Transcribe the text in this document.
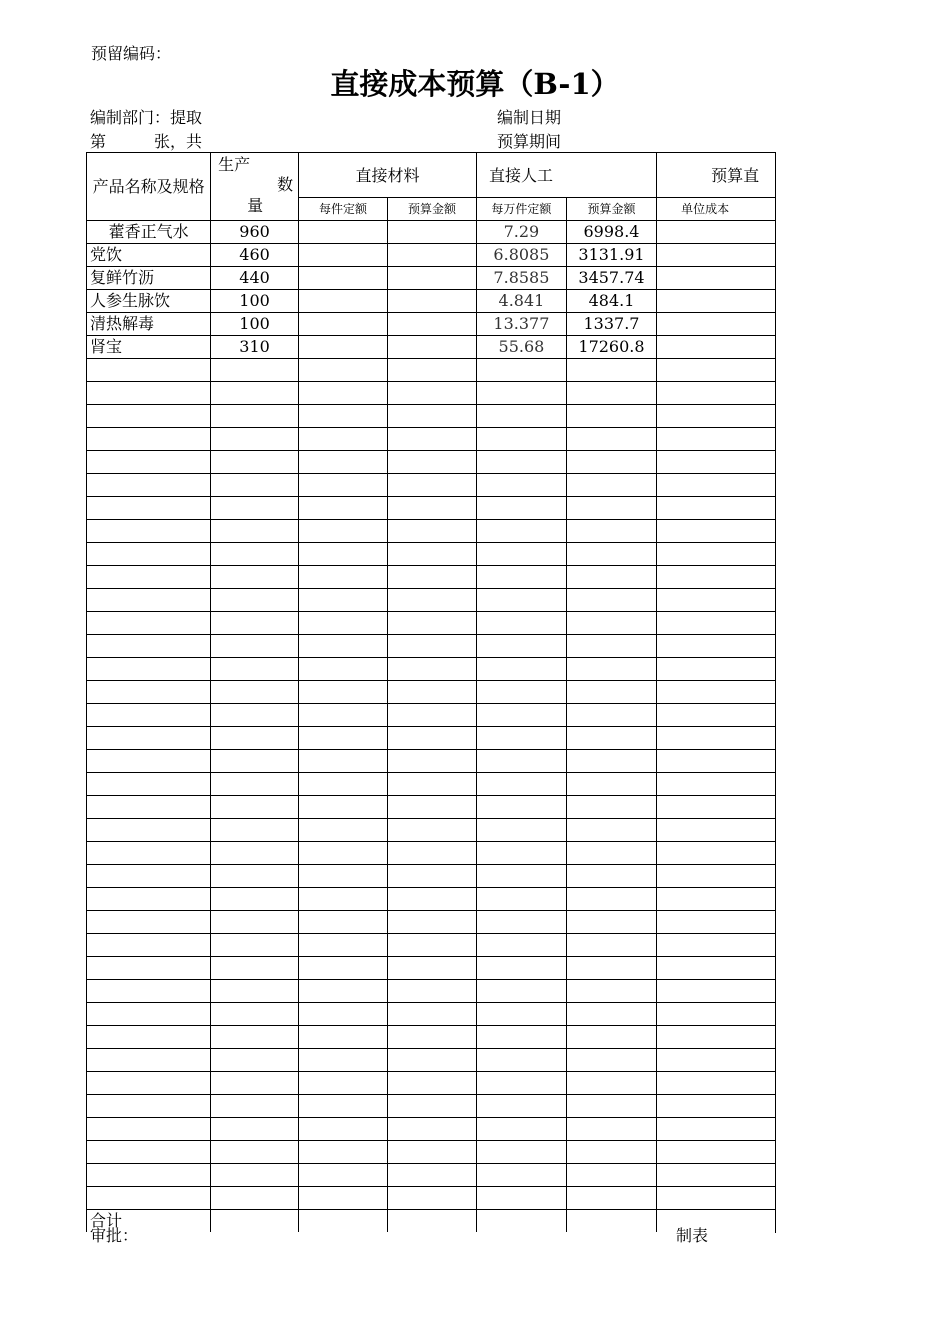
预留编码：
直接成本预算（B-1）
编制部门：提取	编制日期
第　　　张，共	预算期间
产品名称及规格	生产
数
量	直接材料		直接人工		预算直
		每件定额	预算金额	每万件定额	预算金额	单位成本
藿香正气水	960			7.29	6998.4	
党饮	460			6.8085	3131.91	
复鲜竹沥	440			7.8585	3457.74	
人参生脉饮	100			4.841	484.1	
清热解毒	100			13.377	1337.7	
肾宝	310			55.68	17260.8	

合计						
审批：	制表
